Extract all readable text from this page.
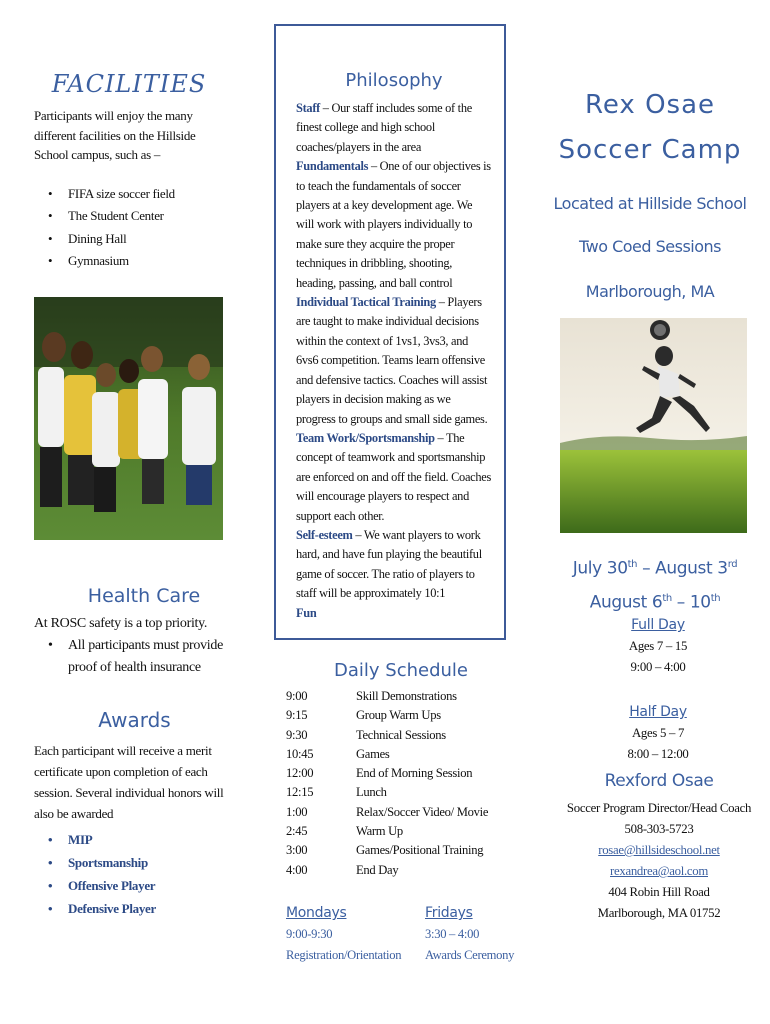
FACILITIES
Participants will enjoy the many different facilities on the Hillside School campus, such as –
• FIFA size soccer field
• The Student Center
• Dining Hall
• Gymnasium
Health Care
At ROSC safety is a top priority.
• All participants must provide proof of health insurance
Awards
Each participant will receive a merit certificate upon completion of each session. Several individual honors will also be awarded
• MIP
• Sportsmanship
• Offensive Player
• Defensive Player
Philosophy
Staff – Our staff includes some of the finest college and high school coaches/players in the area
Fundamentals – One of our objectives is to teach the fundamentals of soccer players at a key development age. We will work with players individually to make sure they acquire the proper techniques in dribbling, shooting, heading, passing, and ball control
Individual Tactical Training – Players are taught to make individual decisions within the context of 1vs1, 3vs3, and 6vs6 competition. Teams learn offensive and defensive tactics. Coaches will assist players in decision making as we progress to groups and small side games.
Team Work/Sportsmanship – The concept of teamwork and sportsmanship are enforced on and off the field. Coaches will encourage players to respect and support each other.
Self-esteem – We want players to work hard, and have fun playing the beautiful game of soccer. The ratio of players to staff will be approximately 10:1
Fun
Daily Schedule
9:00	Skill Demonstrations
9:15	Group Warm Ups
9:30	Technical Sessions
10:45	Games
12:00	End of Morning Session
12:15	Lunch
1:00	Relax/Soccer Video/ Movie
2:45	Warm Up
3:00	Games/Positional Training
4:00	End Day
Mondays
9:00-9:30
Registration/Orientation
Fridays
3:30 – 4:00
Awards Ceremony
Rex Osae
Soccer Camp
Located at Hillside School
Two Coed Sessions
Marlborough, MA
July 30th – August 3rd
August 6th – 10th
Full Day
Ages 7 – 15
9:00 – 4:00
Half Day
Ages 5 – 7
8:00 – 12:00
Rexford Osae
Soccer Program Director/Head Coach
508-303-5723
rosae@hillsideschool.net
rexandrea@aol.com
404 Robin Hill Road
Marlborough, MA 01752
